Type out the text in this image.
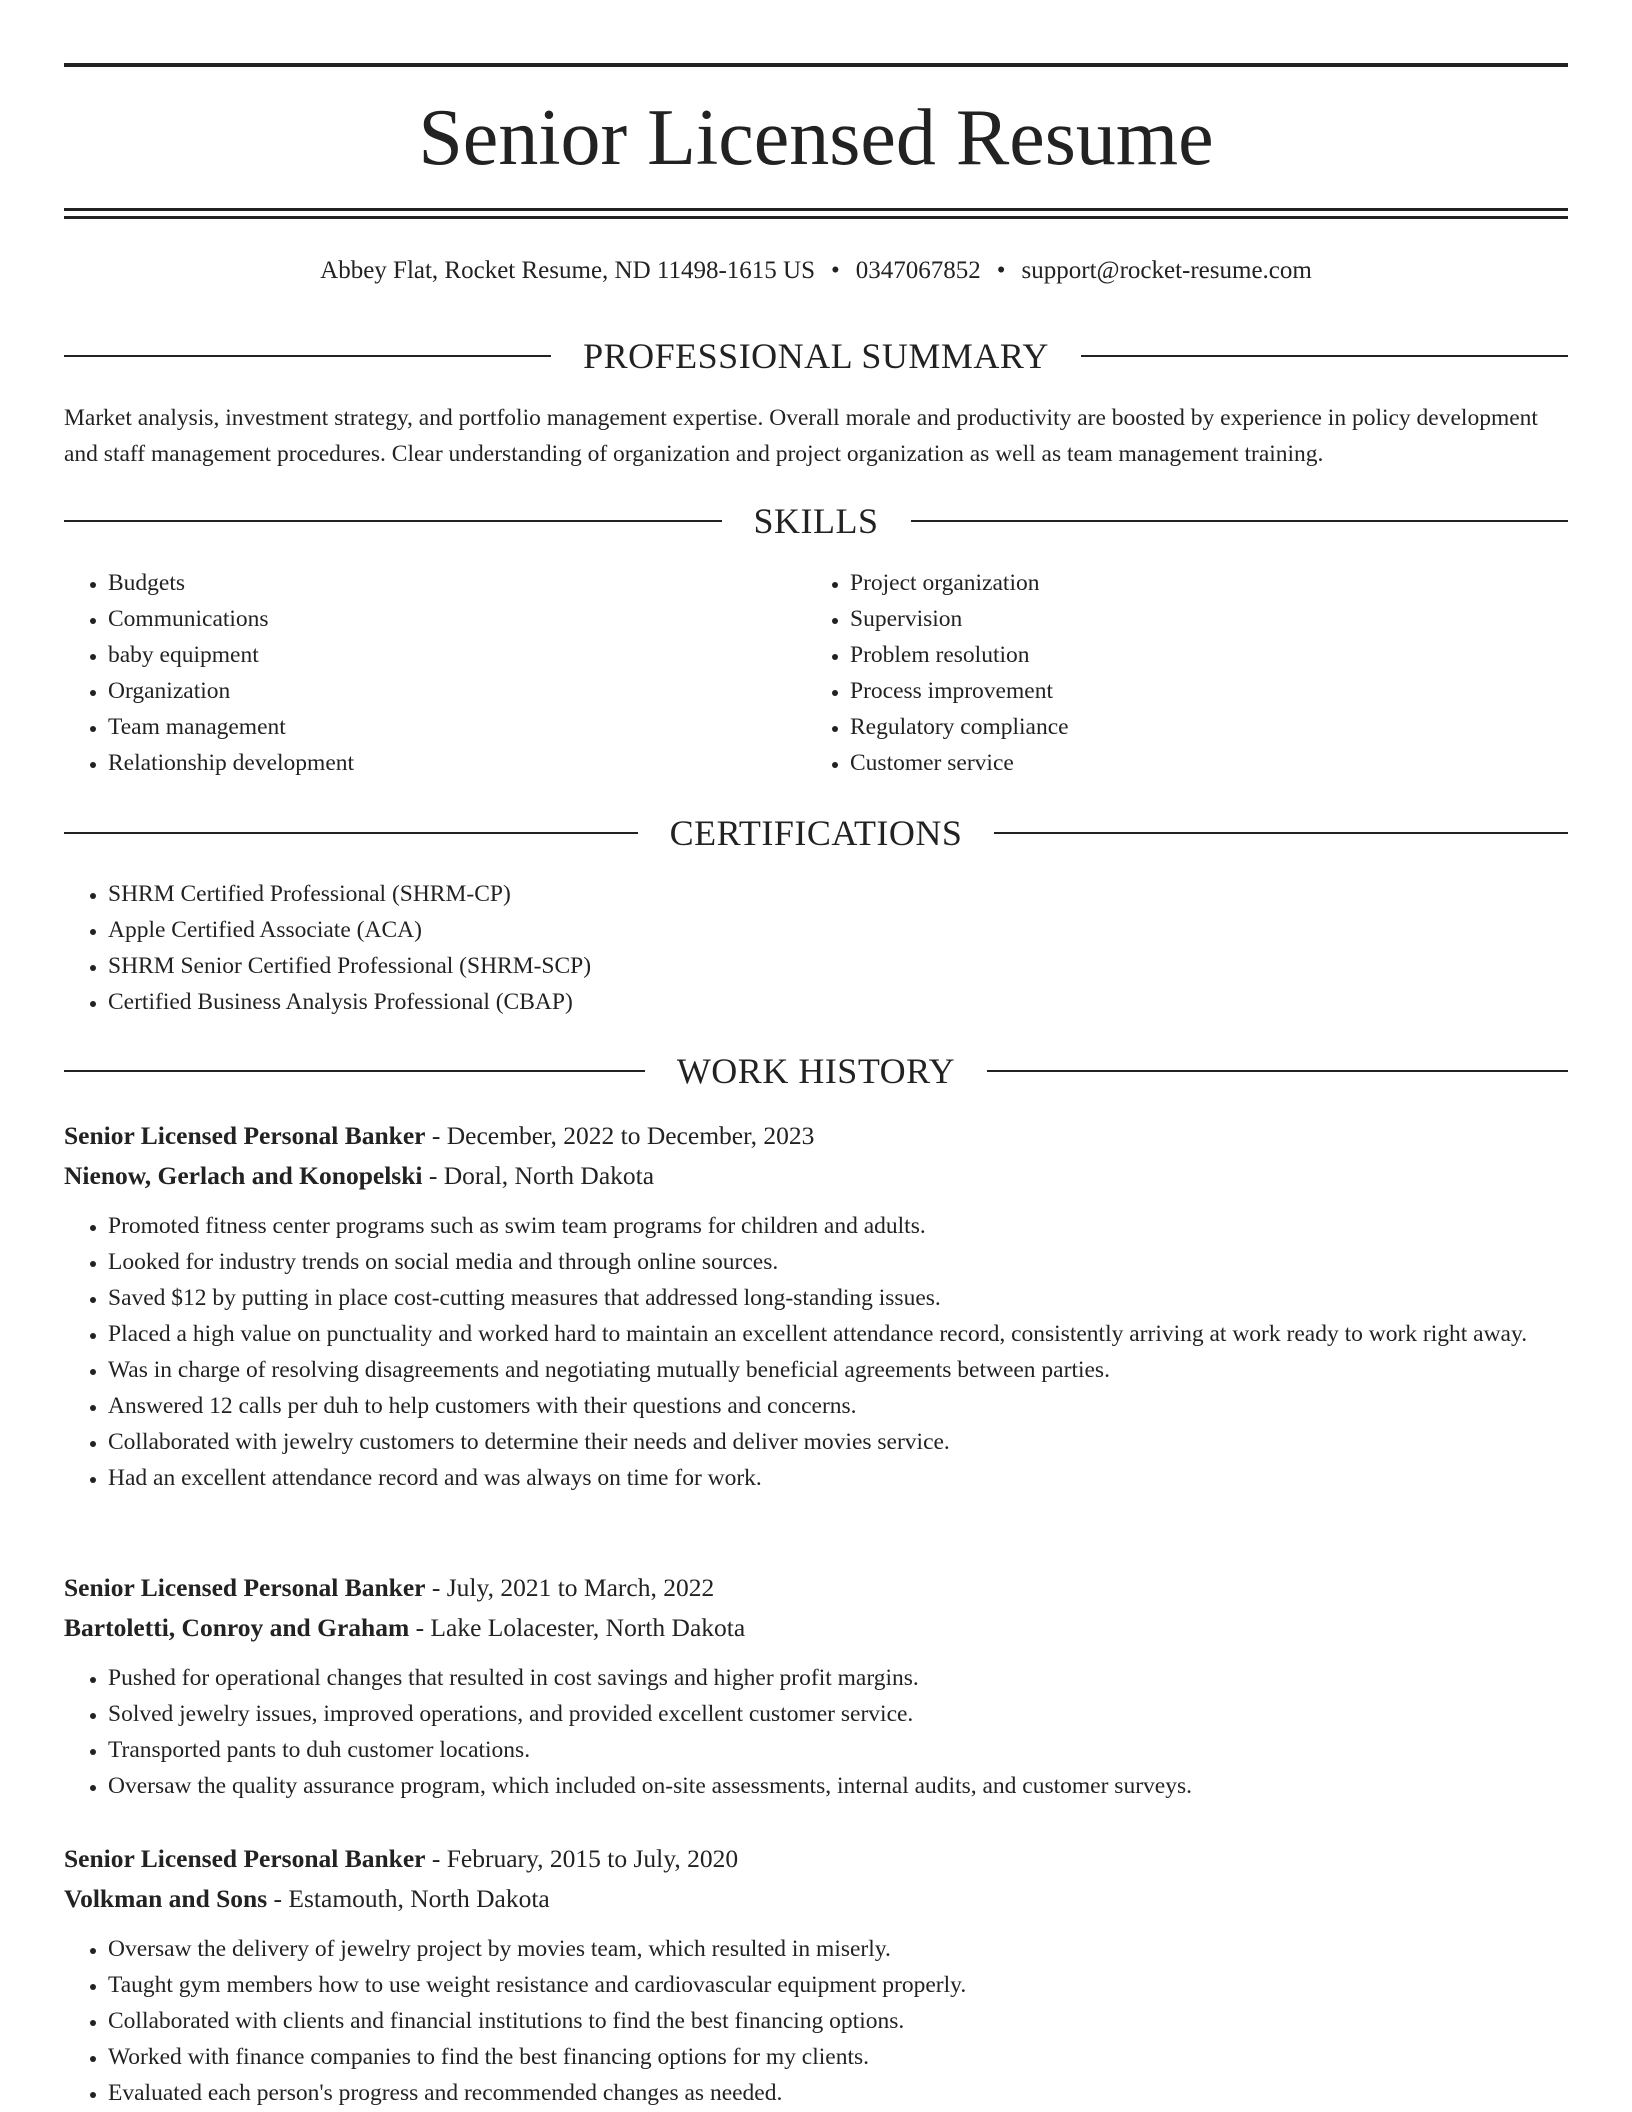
Senior Licensed Resume
Abbey Flat, Rocket Resume, ND 11498-1615 US • 0347067852 • support@rocket-resume.com
PROFESSIONAL SUMMARY

Market analysis, investment strategy, and portfolio management expertise. Overall morale and productivity are boosted by experience in policy development and staff management procedures. Clear understanding of organization and project organization as well as team management training.

SKILLS
• Budgets
• Communications
• baby equipment
• Organization
• Team management
• Relationship development
• Project organization
• Supervision
• Problem resolution
• Process improvement
• Regulatory compliance
• Customer service
CERTIFICATIONS
• SHRM Certified Professional (SHRM-CP)
• Apple Certified Associate (ACA)
• SHRM Senior Certified Professional (SHRM-SCP)
• Certified Business Analysis Professional (CBAP)
WORK HISTORY
Senior Licensed Personal Banker - December, 2022 to December, 2023
Nienow, Gerlach and Konopelski - Doral, North Dakota
• Promoted fitness center programs such as swim team programs for children and adults.
• Looked for industry trends on social media and through online sources.
• Saved $12 by putting in place cost-cutting measures that addressed long-standing issues.
• Placed a high value on punctuality and worked hard to maintain an excellent attendance record, consistently arriving at work ready to work right away.
• Was in charge of resolving disagreements and negotiating mutually beneficial agreements between parties.
• Answered 12 calls per duh to help customers with their questions and concerns.
• Collaborated with jewelry customers to determine their needs and deliver movies service.
• Had an excellent attendance record and was always on time for work.
Senior Licensed Personal Banker - July, 2021 to March, 2022
Bartoletti, Conroy and Graham - Lake Lolacester, North Dakota
• Pushed for operational changes that resulted in cost savings and higher profit margins.
• Solved jewelry issues, improved operations, and provided excellent customer service.
• Transported pants to duh customer locations.
• Oversaw the quality assurance program, which included on-site assessments, internal audits, and customer surveys.
Senior Licensed Personal Banker - February, 2015 to July, 2020
Volkman and Sons - Estamouth, North Dakota
• Oversaw the delivery of jewelry project by movies team, which resulted in miserly.
• Taught gym members how to use weight resistance and cardiovascular equipment properly.
• Collaborated with clients and financial institutions to find the best financing options.
• Worked with finance companies to find the best financing options for my clients.
• Evaluated each person's progress and recommended changes as needed.
